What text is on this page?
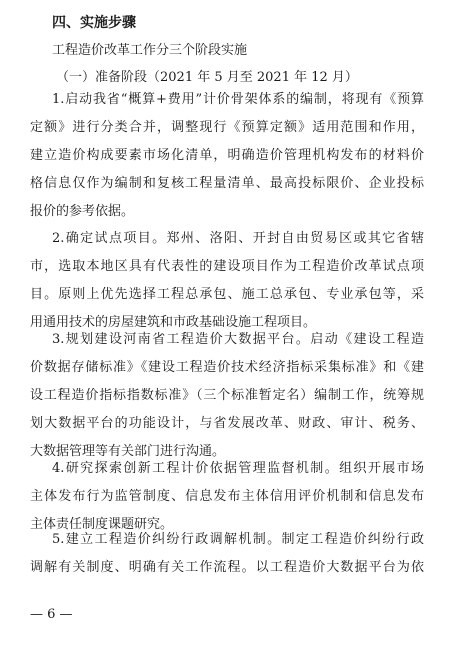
四、实施步骤
工程造价改革工作分三个阶段实施
（一）准备阶段（2021 年 5 月至 2021 年 12 月）
1.启动我省“概算+费用”计价骨架体系的编制，将现有《预算
定额》进行分类合并，调整现行《预算定额》适用范围和作用，
建立造价构成要素市场化清单，明确造价管理机构发布的材料价
格信息仅作为编制和复核工程量清单、最高投标限价、企业投标
报价的参考依据。
2.确定试点项目。郑州、洛阳、开封自由贸易区或其它省辖
市，选取本地区具有代表性的建设项目作为工程造价改革试点项
目。原则上优先选择工程总承包、施工总承包、专业承包等，采
用通用技术的房屋建筑和市政基础设施工程项目。
3.规划建设河南省工程造价大数据平台。启动《建设工程造
价数据存储标准》《建设工程造价技术经济指标采集标准》和《建
设工程造价指标指数标准》（三个标准暂定名）编制工作，统筹规
划大数据平台的功能设计，与省发展改革、财政、审计、税务、
大数据管理等有关部门进行沟通。
4.研究探索创新工程计价依据管理监督机制。组织开展市场
主体发布行为监管制度、信息发布主体信用评价机制和信息发布
主体责任制度课题研究。
5.建立工程造价纠纷行政调解机制。制定工程造价纠纷行政
调解有关制度、明确有关工作流程。以工程造价大数据平台为依
— 6 —
